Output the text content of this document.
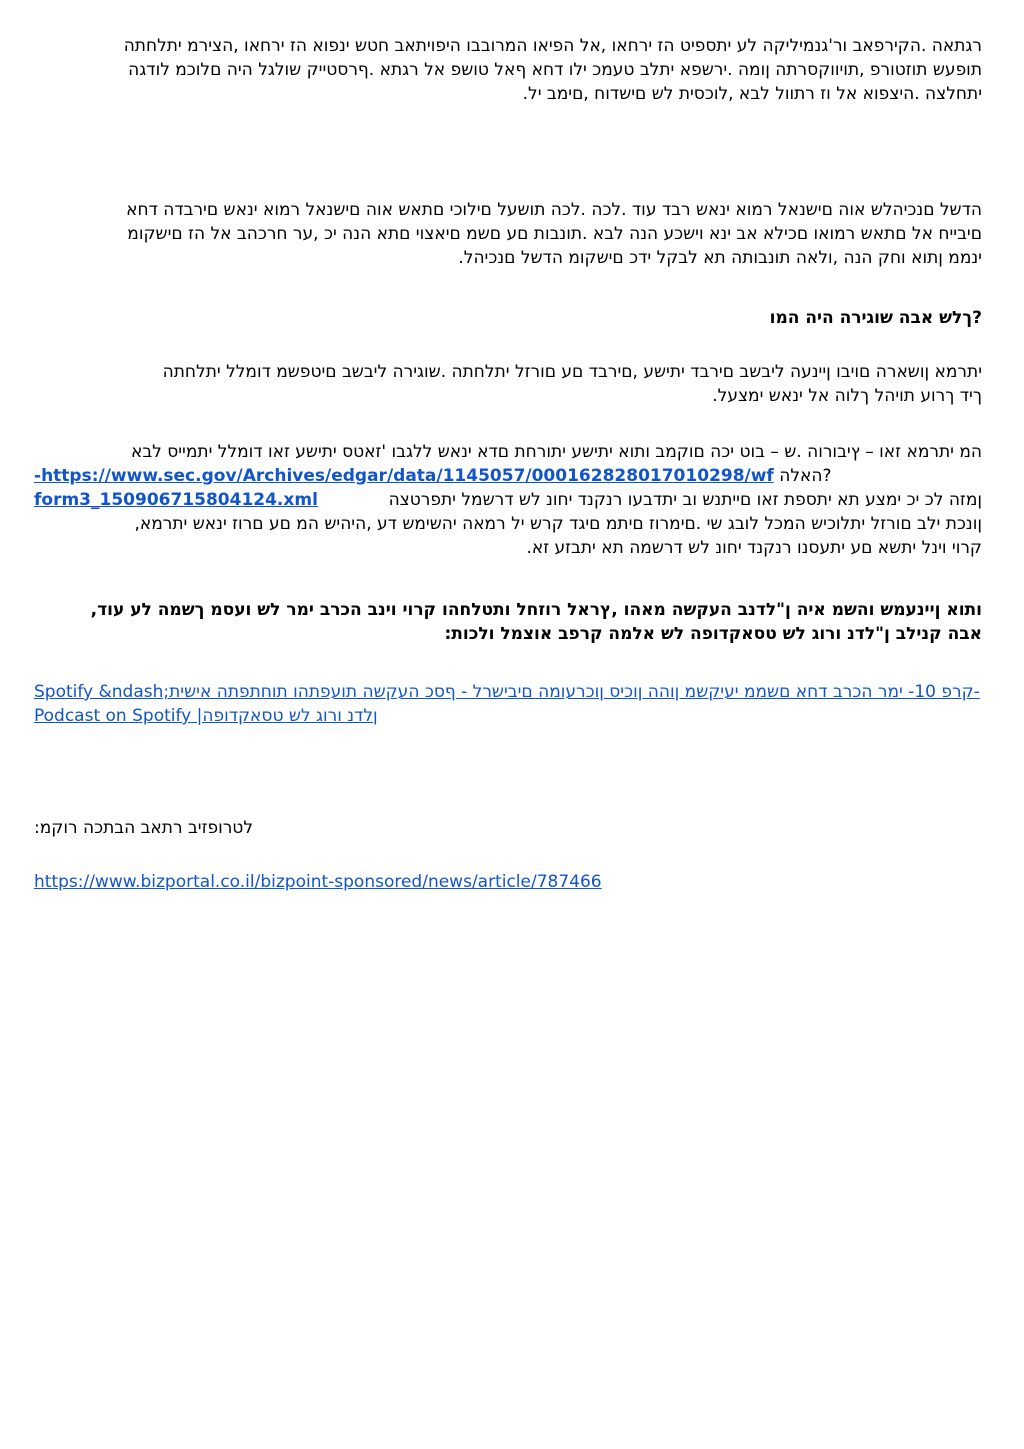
רגתאה .הקירפאב ור'גנמיליקה לע יתספיט הז ירחאו ,אל הפיאו המרובבו היפויתאב חטש ינפוא הז ירחאו ,הצירמ יתלחתה
תופעש תוזטורפ ,תויווקסרתה ןומה .ירשפא יתלב טעמכ ילו דחא ףאל טושפ אל רגתא .ףרסטייק שולגל היה םלוכמ לודגה
יתחלצה .היצפוא אל וז רתוול לבא ,לוכסית לש םישדוח ,םימב יל.
הדשל םנכיהלש אוה םישנאל רמוא ינאש רבד עוד .לכה .לכה תושעל םילוכי םתאש אוה םישנאל רמוא ינאש םירבדה דחא
םיבייח אל םתאש רמואו םכילא אב ינא וישכע הנה לבא .תונבות םע םשמ םיאצוי םתא הנה יכ ,ער חרכהב אל הז םישקומ
ינממ ןתוא וחק הנה ,ולאה תונבותה תא לבקל ידכ םישקומ הדשל םנכיהל.
?ךלש אבה שוגירה היה המו
יתרמא ןושארה םויבו ןיינעה ליבשב םירבד יתישע ,םירבד םע םורזל יתלחתה .שוגירה ליבשב םיטפשמ דומלל יתלחתה
ךיד ךרוע תויהל ךלוה אל ינאש ימצעל.
המ יתרמא זאו – ץיבורוה .ש – בוט יכה םוקמב ותוא יתישע יתורחת םדא ינאש ללגבו 'זאטס יתישע זאו דומלל יתמייס לבא
?האלה https://www.sec.gov/Archives/edgar/data/1145057/000162828017010298/wf-
form3_150906715804124.xml	ןמזה לכ יכ ימצע תא יתספת זאו םייתנש וב יתדבעו רנקנד יחונ לש דרשמל יתפרטצה
ןונכת ילב םורזל יתלוכיש המכל לובג שי .םימרוז םיתמ םיגד קרש יל רמאה יהשימש דע ,היהיש המ םע םרוז ינאש יתרמא,
קרוי וינל יתשא םע יתעסנו רנקנד יחונ לש דרשמה תא יתבזע זא.
ותוא ןיינעמש והשמ איה ן"לדנב העקשה מאהו ,ץראל רוזחל ותטלחהו קרוי וינב הכרב ימר לש ועסמ ךשמה לע עוד,
אבה קנילב ן"לדנ ורוג לש טסאקדופה לש אלמה קרפב אוצמל ולכות:
Spotify &ndash;קרפ 10- ימר הכרב דחא םשממ יעיקשמ ןוהה ןוכיס ןוכרעומה םיבישרל - ףסכ העקשה תועפתהו תוחתפתה אישית-
ןלדנ ורוג לש טסאקדופה| Podcast on Spotify
לטרופזיב רתאב הבתכה רוקמ:
https://www.bizportal.co.il/bizpoint-sponsored/news/article/787466
